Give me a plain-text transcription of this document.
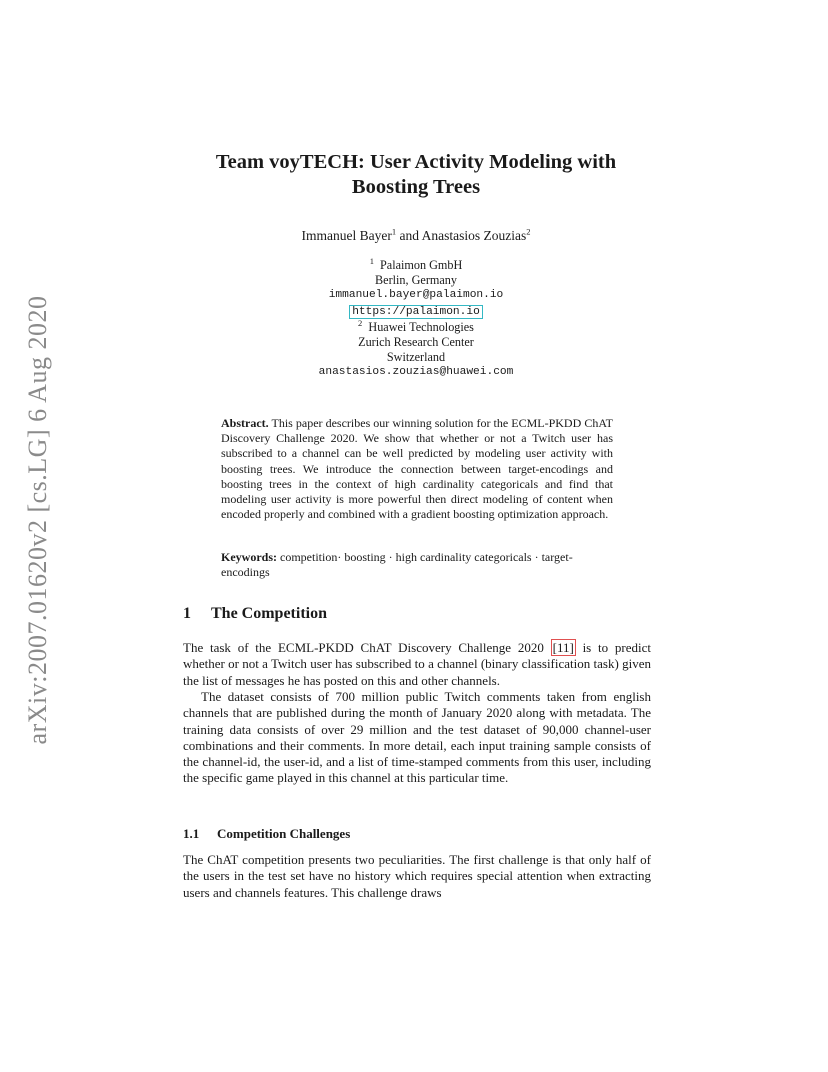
arXiv:2007.01620v2 [cs.LG] 6 Aug 2020
Team voyTECH: User Activity Modeling with
Boosting Trees
Immanuel Bayer$^1$ and Anastasios Zouzias$^2$
$^1$ Palaimon GmbH
Berlin, Germany
immanuel.bayer@palaimon.io
https://palaimon.io
$^2$ Huawei Technologies
Zurich Research Center
Switzerland
anastasios.zouzias@huawei.com
Abstract. This paper describes our winning solution for the ECML-PKDD ChAT Discovery Challenge 2020. We show that whether or not a Twitch user has subscribed to a channel can be well predicted by modeling user activity with boosting trees. We introduce the connection between target-encodings and boosting trees in the context of high cardinality categoricals and find that modeling user activity is more powerful then direct modeling of content when encoded properly and combined with a gradient boosting optimization approach.
Keywords: competition· boosting · high cardinality categoricals · target-encodings
1 The Competition
The task of the ECML-PKDD ChAT Discovery Challenge 2020 [11] is to predict whether or not a Twitch user has subscribed to a channel (binary classification task) given the list of messages he has posted on this and other channels.
The dataset consists of 700 million public Twitch comments taken from english channels that are published during the month of January 2020 along with metadata. The training data consists of over 29 million and the test dataset of 90,000 channel-user combinations and their comments. In more detail, each input training sample consists of the channel-id, the user-id, and a list of time-stamped comments from this user, including the specific game played in this channel at this particular time.
1.1 Competition Challenges
The ChAT competition presents two peculiarities. The first challenge is that only half of the users in the test set have no history which requires special attention when extracting users and channels features. This challenge draws
